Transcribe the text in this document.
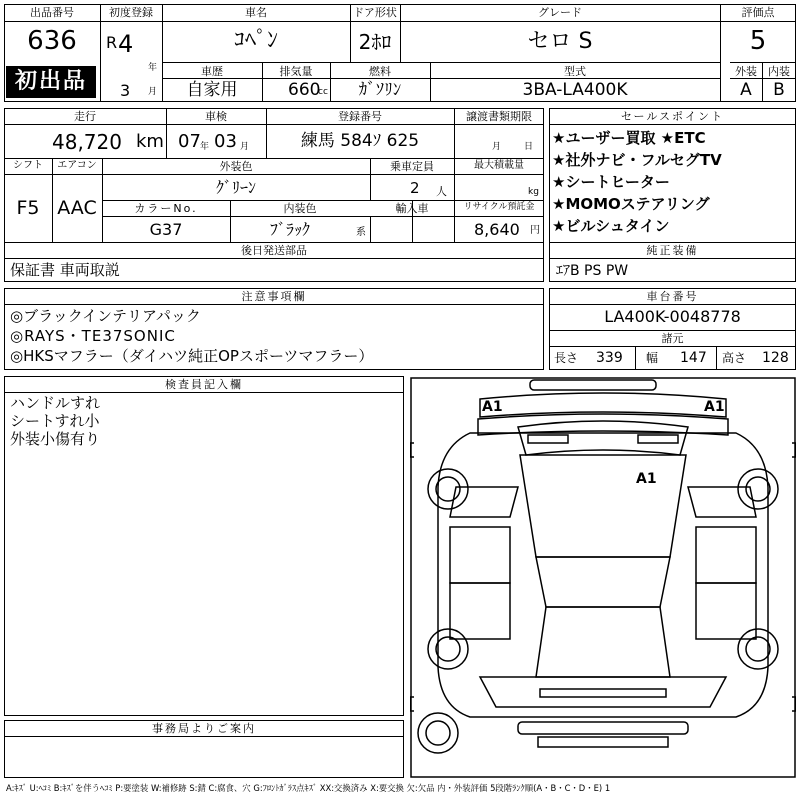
出品番号
636
初出品
初度登録
R 4
年
3 月
車名
ｺﾍﾟﾝ
ドア形状
2ﾎﾛ
グレード
セロ S
評価点
5
外装	内装
A	B
車歴
自家用
排気量
660
cc
燃料
ｶﾞｿﾘﾝ
型式
3BA-LA400K
走行
48,720 km
車検
07 年 03 月
登録番号
練馬 584ｿ 625
譲渡書類期限
月	日
シフト
F5
エアコン
AAC
外装色
ｸﾞﾘｰﾝ
乗車定員
2 人
最大積載量
kg
カラーNo.
G37
内装色
ﾌﾞﾗｯｸ	系
輸入車	リサイクル預託金
8,640 円
後日発送部品
保証書 車両取説
セールスポイント
★ユーザー買取 ★ETC
★社外ナビ・フルセグTV
★シートヒーター
★MOMOステアリング
★ビルシュタイン
純正装備
ｴｱB PS PW
注意事項欄
◎ブラックインテリアパック
◎RAYS・TE37SONIC
◎HKSマフラー（ダイハツ純正OPスポーツマフラー）
車台番号
LA400K-0048778
諸元
長さ 339 幅 147 高さ 128
検査員記入欄
ハンドルすれ
シートすれ小
外装小傷有り
事務局よりご案内
A1	A1
A1
A:ｷｽﾞ U:ﾍｺﾐ B:ｷｽﾞを伴うﾍｺﾐ P:要塗装 W:補修跡 S:錆 C:腐食、穴 G:ﾌﾛﾝﾄｶﾞﾗｽ点ｷｽﾞ XX:交換済み X:要交換 欠:欠品 内・外装評価 5段階ﾗﾝｸ順(A・B・C・D・E) 1
